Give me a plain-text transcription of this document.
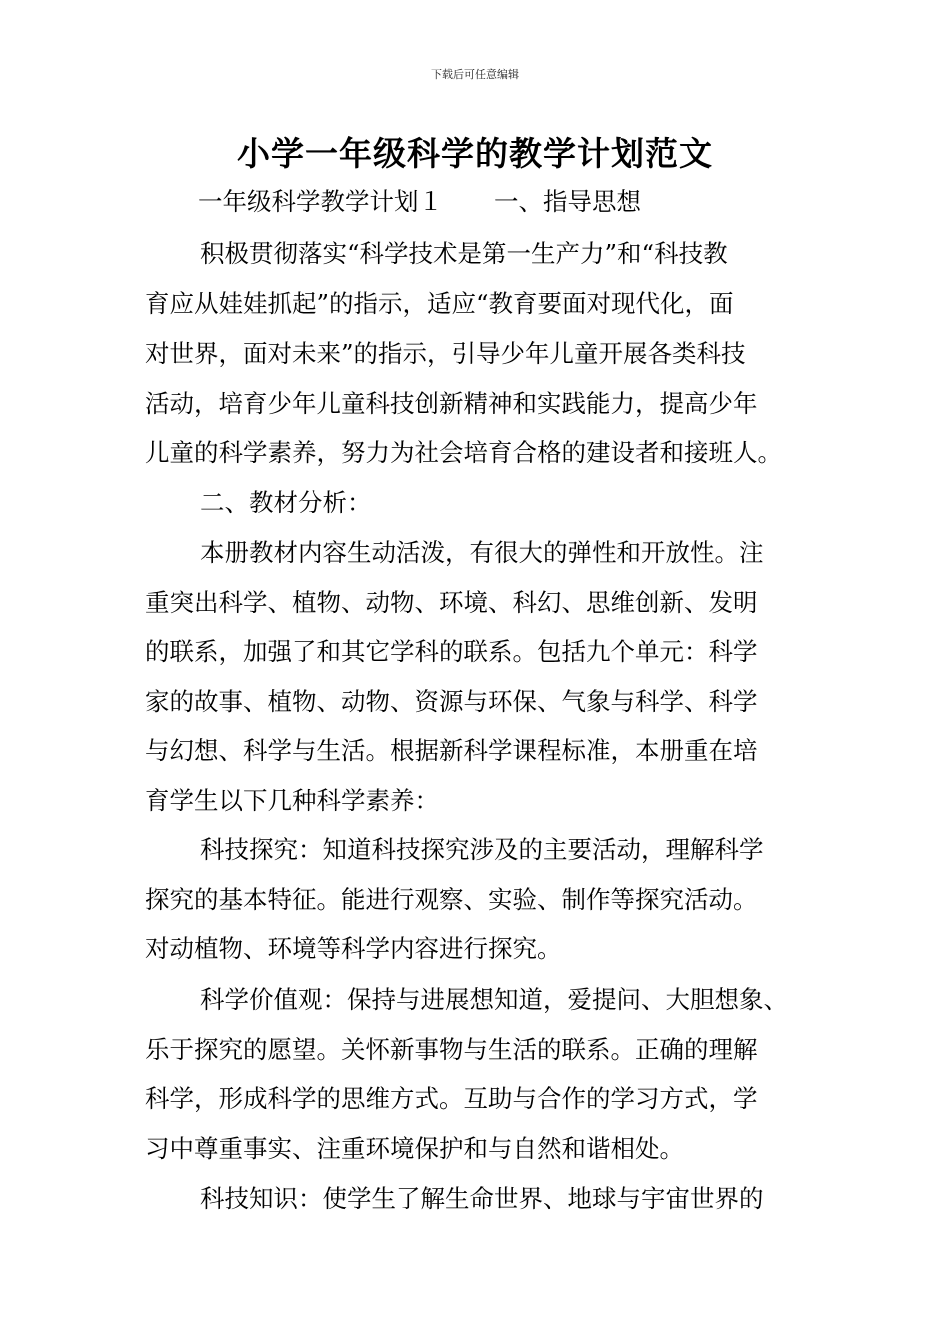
下载后可任意编辑
小学一年级科学的教学计划范文
一年级科学教学计划１ 一、指导思想
积极贯彻落实“科学技术是第一生产力”和“科技教
育应从娃娃抓起”的指示，适应“教育要面对现代化，面
对世界，面对未来”的指示，引导少年儿童开展各类科技
活动，培育少年儿童科技创新精神和实践能力，提高少年
儿童的科学素养，努力为社会培育合格的建设者和接班人。
二、教材分析：
本册教材内容生动活泼，有很大的弹性和开放性。注
重突出科学、植物、动物、环境、科幻、思维创新、发明
的联系，加强了和其它学科的联系。包括九个单元：科学
家的故事、植物、动物、资源与环保、气象与科学、科学
与幻想、科学与生活。根据新科学课程标准，本册重在培
育学生以下几种科学素养：
科技探究：知道科技探究涉及的主要活动，理解科学
探究的基本特征。能进行观察、实验、制作等探究活动。
对动植物、环境等科学内容进行探究。
科学价值观：保持与进展想知道，爱提问、大胆想象、
乐于探究的愿望。关怀新事物与生活的联系。正确的理解
科学，形成科学的思维方式。互助与合作的学习方式，学
习中尊重事实、注重环境保护和与自然和谐相处。
科技知识：使学生了解生命世界、地球与宇宙世界的
